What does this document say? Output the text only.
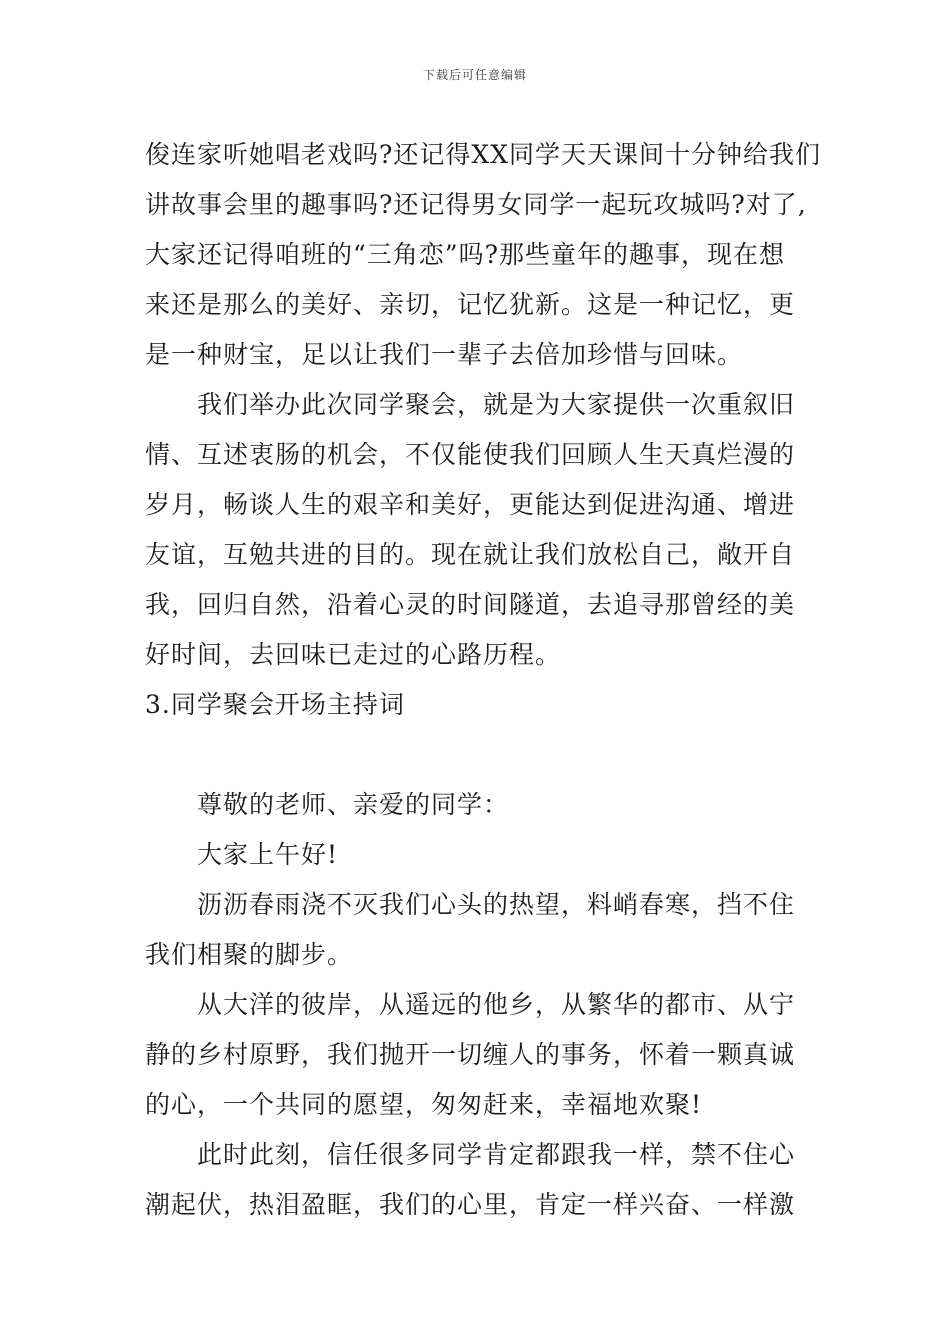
下载后可任意编辑
俊连家听她唱老戏吗?还记得XX同学天天课间十分钟给我们
讲故事会里的趣事吗?还记得男女同学一起玩攻城吗?对了,
大家还记得咱班的“三角恋”吗?那些童年的趣事，现在想
来还是那么的美好、亲切，记忆犹新。这是一种记忆，更
是一种财宝，足以让我们一辈子去倍加珍惜与回味。
我们举办此次同学聚会，就是为大家提供一次重叙旧
情、互述衷肠的机会，不仅能使我们回顾人生天真烂漫的
岁月，畅谈人生的艰辛和美好，更能达到促进沟通、增进
友谊，互勉共进的目的。现在就让我们放松自己，敞开自
我，回归自然，沿着心灵的时间隧道，去追寻那曾经的美
好时间，去回味已走过的心路历程。
3.同学聚会开场主持词
尊敬的老师、亲爱的同学：
大家上午好!
沥沥春雨浇不灭我们心头的热望，料峭春寒，挡不住
我们相聚的脚步。
从大洋的彼岸，从遥远的他乡，从繁华的都市、从宁
静的乡村原野，我们抛开一切缠人的事务，怀着一颗真诚
的心，一个共同的愿望，匆匆赶来，幸福地欢聚!
此时此刻，信任很多同学肯定都跟我一样，禁不住心
潮起伏，热泪盈眶，我们的心里，肯定一样兴奋、一样激
